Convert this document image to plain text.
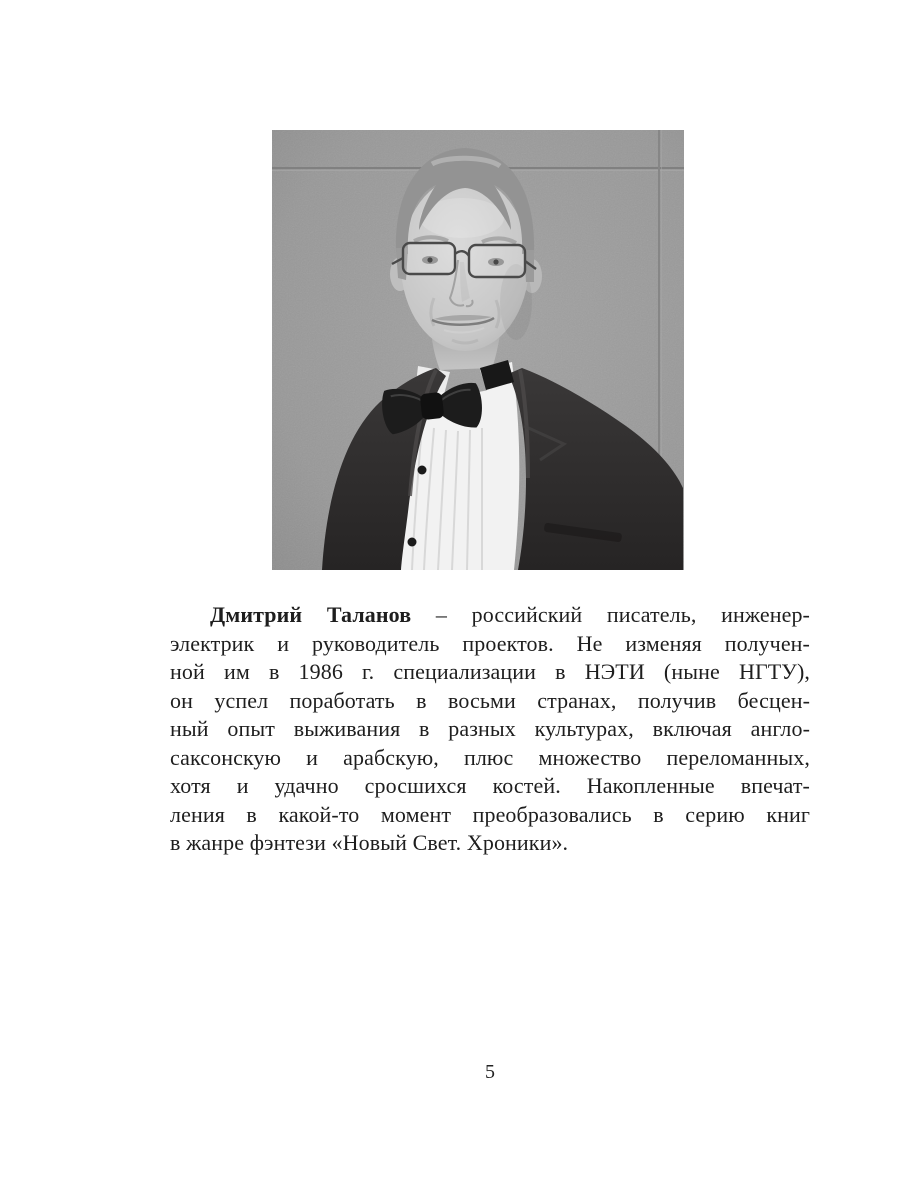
Дмитрий Таланов – российский писатель, инженер-
электрик и руководитель проектов. Не изменяя получен-
ной им в 1986 г. специализации в НЭТИ (ныне НГТУ),
он успел поработать в восьми странах, получив бесцен-
ный опыт выживания в разных культурах, включая англо-
саксонскую и арабскую, плюс множество переломанных,
хотя и удачно сросшихся костей. Накопленные впечат-
ления в какой-то момент преобразовались в серию книг
в жанре фэнтези «Новый Свет. Хроники».
5
